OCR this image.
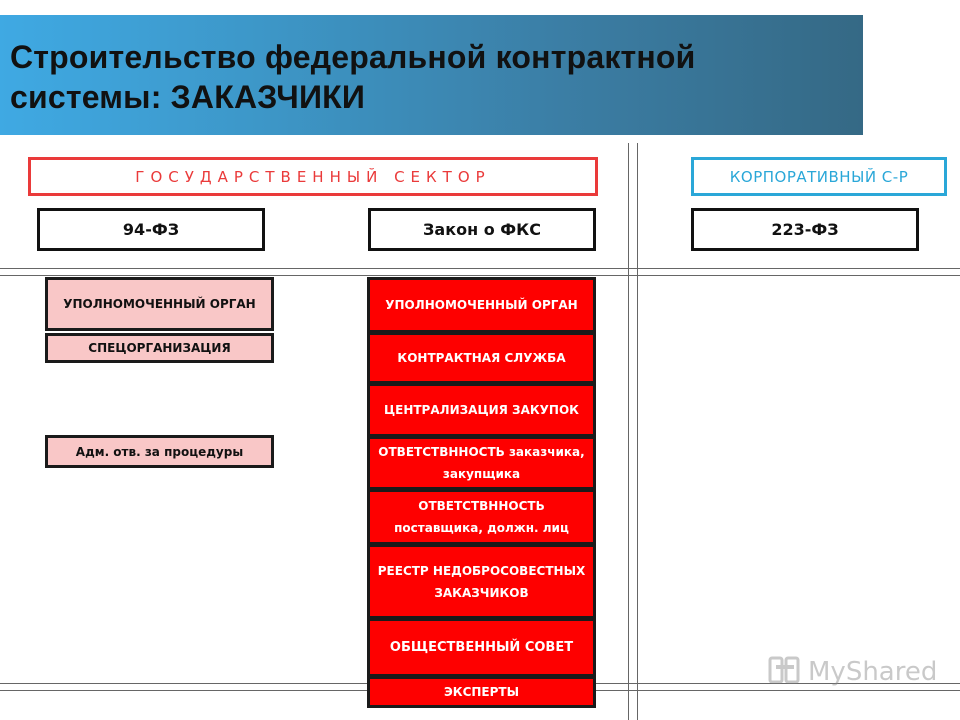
Строительство федеральной контрактной
системы: ЗАКАЗЧИКИ
ГОСУДАРСТВЕННЫЙ СЕКТОР	КОРПОРАТИВНЫЙ С-Р
94-ФЗ	Закон о ФКС	223-ФЗ
УПОЛНОМОЧЕННЫЙ ОРГАН
СПЕЦОРГАНИЗАЦИЯ
Адм. отв. за процедуры
УПОЛНОМОЧЕННЫЙ ОРГАН
КОНТРАКТНАЯ СЛУЖБА
ЦЕНТРАЛИЗАЦИЯ ЗАКУПОК
ОТВЕТСТВННОСТЬ заказчика, закупщика
ОТВЕТСТВННОСТЬ поставщика, должн. лиц
РЕЕСТР НЕДОБРОСОВЕСТНЫХ ЗАКАЗЧИКОВ
ОБЩЕСТВЕННЫЙ СОВЕТ
ЭКСПЕРТЫ
MyShared
